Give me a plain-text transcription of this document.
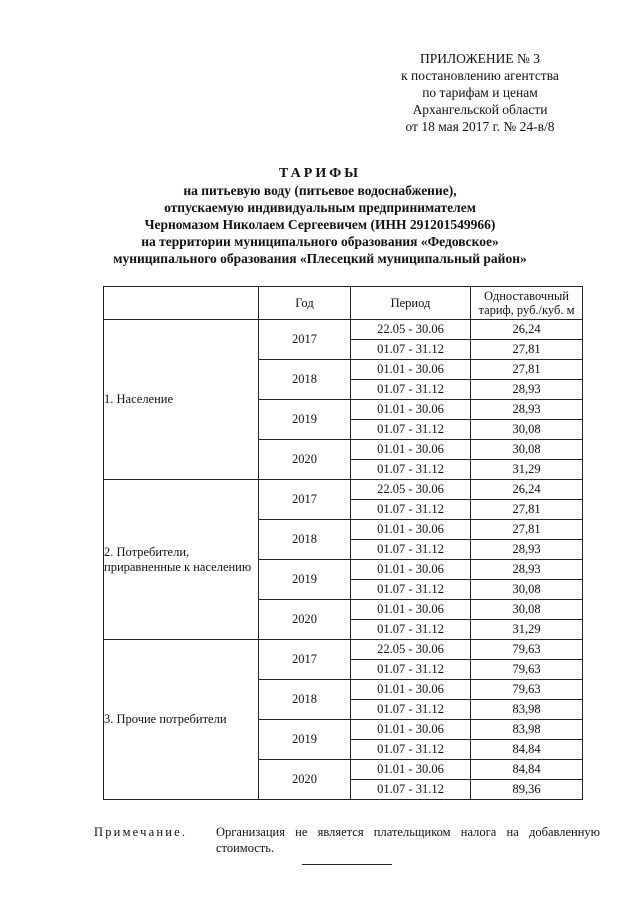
ПРИЛОЖЕНИЕ № 3
к постановлению агентства
по тарифам и ценам
Архангельской области
от 18 мая 2017 г. № 24-в/8
ТАРИФЫ
на питьевую воду (питьевое водоснабжение),
отпускаемую индивидуальным предпринимателем
Черномазом Николаем Сергеевичем (ИНН 291201549966)
на территории муниципального образования «Федовское»
муниципального образования «Плесецкий муниципальный район»
	Год	Период	Одноставочный
тариф, руб./куб. м

1. Население	2017	22.05 - 30.06	26,24
		01.07 - 31.12	27,81
	2018	01.01 - 30.06	27,81
		01.07 - 31.12	28,93
	2019	01.01 - 30.06	28,93
		01.07 - 31.12	30,08
	2020	01.01 - 30.06	30,08
		01.07 - 31.12	31,29
2. Потребители, приравненные к населению	2017	22.05 - 30.06	26,24
		01.07 - 31.12	27,81
	2018	01.01 - 30.06	27,81
		01.07 - 31.12	28,93
	2019	01.01 - 30.06	28,93
		01.07 - 31.12	30,08
	2020	01.01 - 30.06	30,08
		01.07 - 31.12	31,29
3. Прочие потребители	2017	22.05 - 30.06	79,63
		01.07 - 31.12	79,63
	2018	01.01 - 30.06	79,63
		01.07 - 31.12	83,98
	2019	01.01 - 30.06	83,98
		01.07 - 31.12	84,84
	2020	01.01 - 30.06	84,84
		01.07 - 31.12	89,36
Примечание. Организация не является плательщиком налога на добавленную стоимость.
